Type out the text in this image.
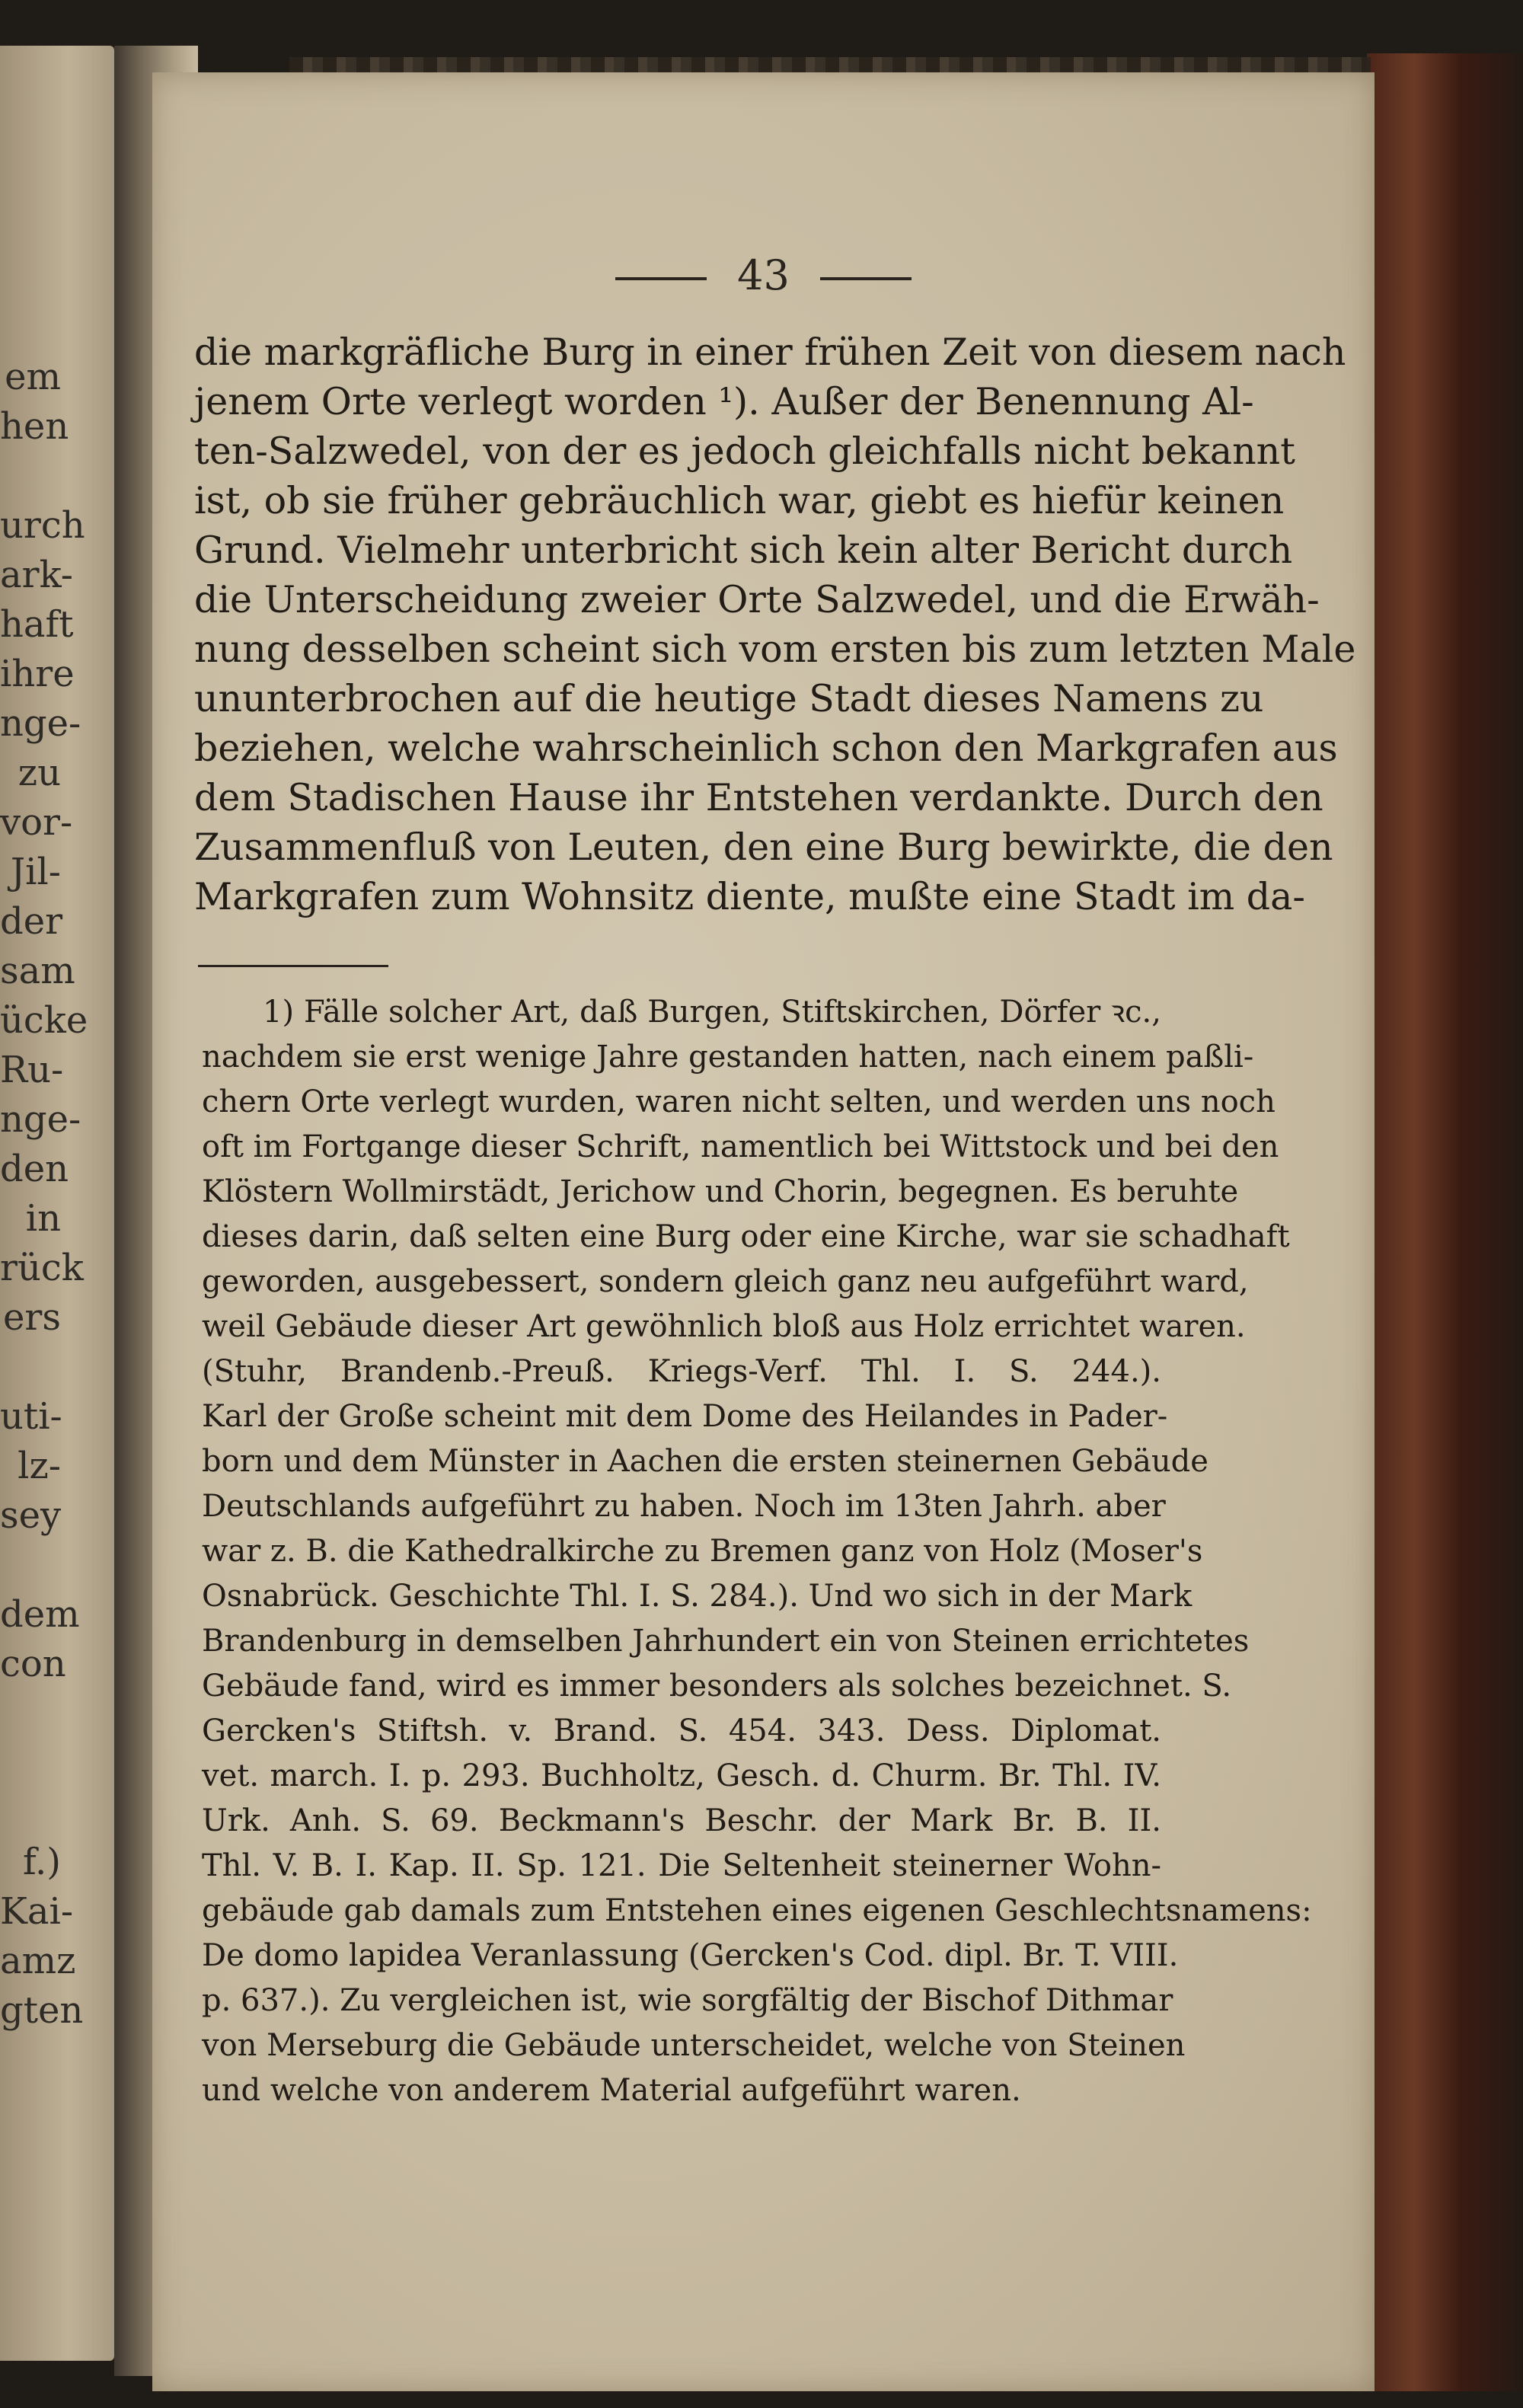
em
hen
urch
ark-
haft
ihre
nge-
zu
vor-
Jil-
der
sam
ücke
Ru-
nge-
den
in
rück
ers
uti-
lz-
sey
dem
con
f.)
Kai-
amz
gten
43
die markgräfliche Burg in einer frühen Zeit von diesem nach
jenem Orte verlegt worden ¹). Außer der Benennung Al-
ten-Salzwedel, von der es jedoch gleichfalls nicht bekannt
ist, ob sie früher gebräuchlich war, giebt es hiefür keinen
Grund. Vielmehr unterbricht sich kein alter Bericht durch
die Unterscheidung zweier Orte Salzwedel, und die Erwäh-
nung desselben scheint sich vom ersten bis zum letzten Male
ununterbrochen auf die heutige Stadt dieses Namens zu
beziehen, welche wahrscheinlich schon den Markgrafen aus
dem Stadischen Hause ihr Entstehen verdankte. Durch den
Zusammenfluß von Leuten, den eine Burg bewirkte, die den
Markgrafen zum Wohnsitz diente, mußte eine Stadt im da-
1) Fälle solcher Art, daß Burgen, Stiftskirchen, Dörfer ꝛc.,
nachdem sie erst wenige Jahre gestanden hatten, nach einem paßli-
chern Orte verlegt wurden, waren nicht selten, und werden uns noch
oft im Fortgange dieser Schrift, namentlich bei Wittstock und bei den
Klöstern Wollmirstädt, Jerichow und Chorin, begegnen. Es beruhte
dieses darin, daß selten eine Burg oder eine Kirche, war sie schadhaft
geworden, ausgebessert, sondern gleich ganz neu aufgeführt ward,
weil Gebäude dieser Art gewöhnlich bloß aus Holz errichtet waren.
(Stuhr, Brandenb.-Preuß. Kriegs-Verf. Thl. I. S. 244.).
Karl der Große scheint mit dem Dome des Heilandes in Pader-
born und dem Münster in Aachen die ersten steinernen Gebäude
Deutschlands aufgeführt zu haben. Noch im 13ten Jahrh. aber
war z. B. die Kathedralkirche zu Bremen ganz von Holz (Moser's
Osnabrück. Geschichte Thl. I. S. 284.). Und wo sich in der Mark
Brandenburg in demselben Jahrhundert ein von Steinen errichtetes
Gebäude fand, wird es immer besonders als solches bezeichnet. S.
Gercken's Stiftsh. v. Brand. S. 454. 343. Dess. Diplomat.
vet. march. I. p. 293. Buchholtz, Gesch. d. Churm. Br. Thl. IV.
Urk. Anh. S. 69. Beckmann's Beschr. der Mark Br. B. II.
Thl. V. B. I. Kap. II. Sp. 121. Die Seltenheit steinerner Wohn-
gebäude gab damals zum Entstehen eines eigenen Geschlechtsnamens:
De domo lapidea Veranlassung (Gercken's Cod. dipl. Br. T. VIII.
p. 637.). Zu vergleichen ist, wie sorgfältig der Bischof Dithmar
von Merseburg die Gebäude unterscheidet, welche von Steinen
und welche von anderem Material aufgeführt waren.
